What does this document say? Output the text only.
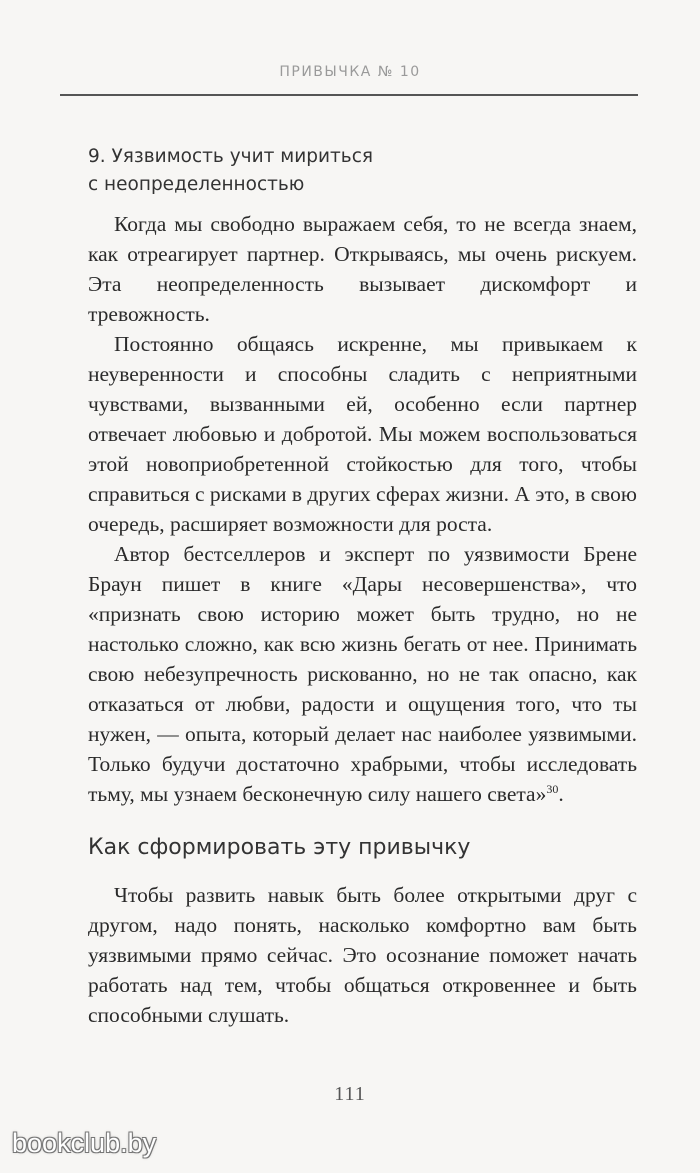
ПРИВЫЧКА № 10
9. Уязвимость учит мириться
с неопределенностью

Когда мы свободно выражаем себя, то не всегда знаем, как отреагирует партнер. Открываясь, мы очень рискуем. Эта неопределенность вызывает дискомфорт и тревожность.

Постоянно общаясь искренне, мы привыкаем к неуверенности и способны сладить с неприятными чувствами, вызванными ей, особенно если партнер отвечает любовью и добротой. Мы можем воспользоваться этой новоприобретенной стойкостью для того, чтобы справиться с рисками в других сферах жизни. А это, в свою очередь, расширяет возможности для роста.

Автор бестселлеров и эксперт по уязвимости Брене Браун пишет в книге «Дары несовершенства», что «признать свою историю может быть трудно, но не настолько сложно, как всю жизнь бегать от нее. Принимать свою небезупречность рискованно, но не так опасно, как отказаться от любви, радости и ощущения того, что ты нужен, — опыта, который делает нас наиболее уязвимыми. Только будучи достаточно храбрыми, чтобы исследовать тьму, мы узнаем бесконечную силу нашего света»$^{30}$.

Как сформировать эту привычку

Чтобы развить навык быть более открытыми друг с другом, надо понять, насколько комфортно вам быть уязвимыми прямо сейчас. Это осознание поможет начать работать над тем, чтобы общаться откровеннее и быть способными слушать.

111
bookclub.by
